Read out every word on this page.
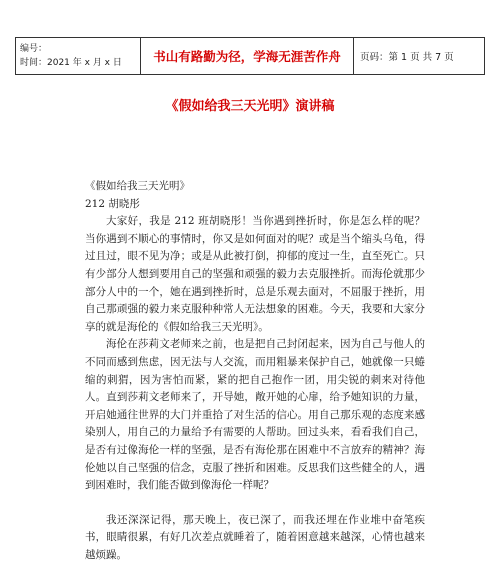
编号：
时间：2021 年 x 月 x 日	书山有路勤为径，学海无涯苦作舟	页码：第 1 页 共 7 页
《假如给我三天光明》演讲稿

《假如给我三天光明》

212 胡晓彤

大家好，我是 212 班胡晓彤！当你遇到挫折时，你是怎么样的呢？当你遇到不顺心的事情时，你又是如何面对的呢？或是当个缩头乌龟，得过且过，眼不见为净；或是从此被打倒，抑郁的度过一生，直至死亡。只有少部分人想到要用自己的坚强和顽强的毅力去克服挫折。而海伦就那少部分人中的一个，她在遇到挫折时，总是乐观去面对，不屈服于挫折，用自己那顽强的毅力来克服种种常人无法想象的困难。今天，我要和大家分享的就是海伦的《假如给我三天光明》。

海伦在莎莉文老师来之前，也是把自己封闭起来，因为自己与他人的不同而感到焦虑，因无法与人交流，而用粗暴来保护自己，她就像一只蜷缩的刺猬，因为害怕而紧，紧的把自己抱作一团，用尖锐的刺来对待他人。直到莎莉文老师来了，开导她，敞开她的心扉，给予她知识的力量，开启她通往世界的大门并重拾了对生活的信心。用自己那乐观的态度来感染别人，用自己的力量给予有需要的人帮助。回过头来，看看我们自己，是否有过像海伦一样的坚强，是否有海伦那在困难中不言放弃的精神？海伦她以自己坚强的信念，克服了挫折和困难。反思我们这些健全的人，遇到困难时，我们能否做到像海伦一样呢？

我还深深记得，那天晚上，夜已深了，而我还埋在作业堆中奋笔疾书，眼睛很累，有好几次差点就睡着了，随着困意越来越深，心情也越来越烦躁。
